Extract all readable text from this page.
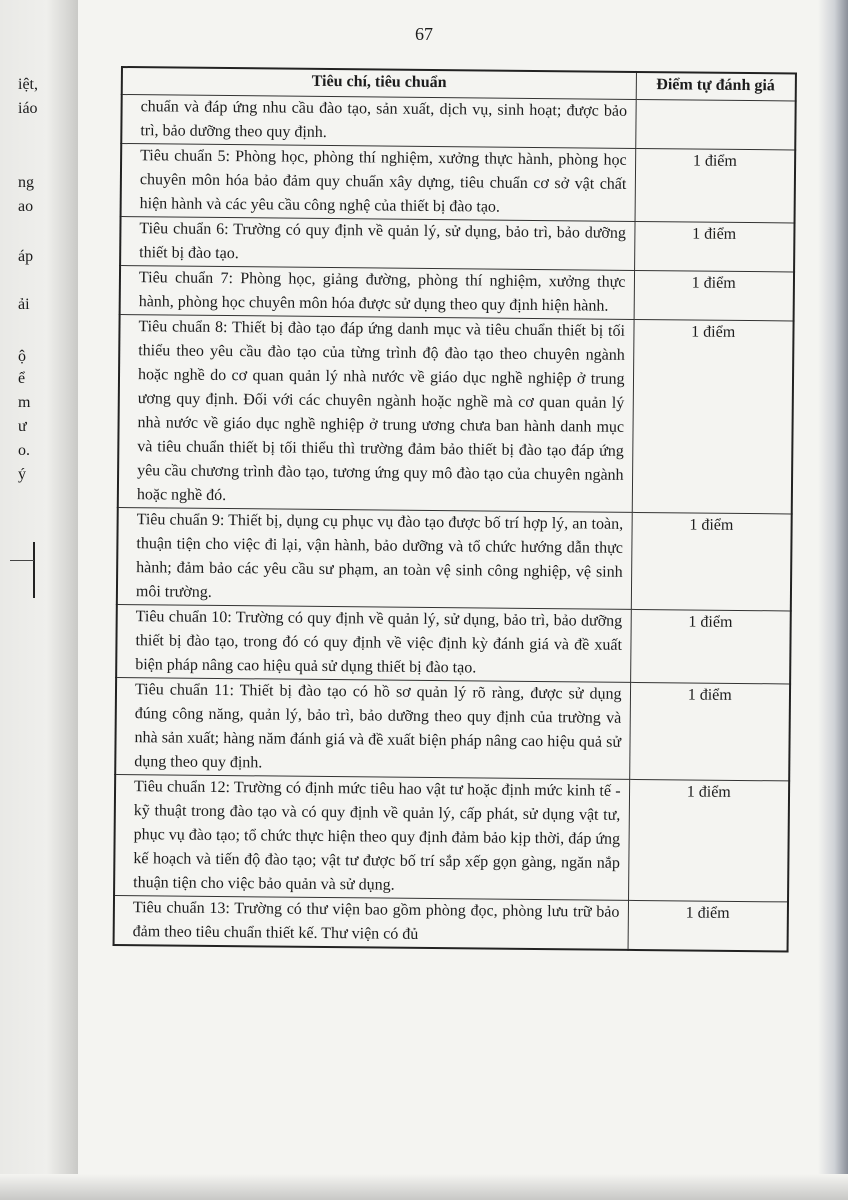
67
iệt,
iáo
ng
ao
áp
ải
ộ
ể
m
ư
o.
ý
Tiêu chí, tiêu chuẩn	Điểm tự đánh giá
chuẩn và đáp ứng nhu cầu đào tạo, sản xuất, dịch vụ, sinh hoạt; được bảo trì, bảo dưỡng theo quy định.	
Tiêu chuẩn 5: Phòng học, phòng thí nghiệm, xưởng thực hành, phòng học chuyên môn hóa bảo đảm quy chuẩn xây dựng, tiêu chuẩn cơ sở vật chất hiện hành và các yêu cầu công nghệ của thiết bị đào tạo.	1 điểm
Tiêu chuẩn 6: Trường có quy định về quản lý, sử dụng, bảo trì, bảo dưỡng thiết bị đào tạo.	1 điểm
Tiêu chuẩn 7: Phòng học, giảng đường, phòng thí nghiệm, xưởng thực hành, phòng học chuyên môn hóa được sử dụng theo quy định hiện hành.	1 điểm
Tiêu chuẩn 8: Thiết bị đào tạo đáp ứng danh mục và tiêu chuẩn thiết bị tối thiểu theo yêu cầu đào tạo của từng trình độ đào tạo theo chuyên ngành hoặc nghề do cơ quan quản lý nhà nước về giáo dục nghề nghiệp ở trung ương quy định. Đối với các chuyên ngành hoặc nghề mà cơ quan quản lý nhà nước về giáo dục nghề nghiệp ở trung ương chưa ban hành danh mục và tiêu chuẩn thiết bị tối thiểu thì trường đảm bảo thiết bị đào tạo đáp ứng yêu cầu chương trình đào tạo, tương ứng quy mô đào tạo của chuyên ngành hoặc nghề đó.	1 điểm
Tiêu chuẩn 9: Thiết bị, dụng cụ phục vụ đào tạo được bố trí hợp lý, an toàn, thuận tiện cho việc đi lại, vận hành, bảo dưỡng và tổ chức hướng dẫn thực hành; đảm bảo các yêu cầu sư phạm, an toàn vệ sinh công nghiệp, vệ sinh môi trường.	1 điểm
Tiêu chuẩn 10: Trường có quy định về quản lý, sử dụng, bảo trì, bảo dưỡng thiết bị đào tạo, trong đó có quy định về việc định kỳ đánh giá và đề xuất biện pháp nâng cao hiệu quả sử dụng thiết bị đào tạo.	1 điểm
Tiêu chuẩn 11: Thiết bị đào tạo có hồ sơ quản lý rõ ràng, được sử dụng đúng công năng, quản lý, bảo trì, bảo dưỡng theo quy định của trường và nhà sản xuất; hàng năm đánh giá và đề xuất biện pháp nâng cao hiệu quả sử dụng theo quy định.	1 điểm
Tiêu chuẩn 12: Trường có định mức tiêu hao vật tư hoặc định mức kinh tế - kỹ thuật trong đào tạo và có quy định về quản lý, cấp phát, sử dụng vật tư, phục vụ đào tạo; tổ chức thực hiện theo quy định đảm bảo kịp thời, đáp ứng kế hoạch và tiến độ đào tạo; vật tư được bố trí sắp xếp gọn gàng, ngăn nắp thuận tiện cho việc bảo quản và sử dụng.	1 điểm
Tiêu chuẩn 13: Trường có thư viện bao gồm phòng đọc, phòng lưu trữ bảo đảm theo tiêu chuẩn thiết kế. Thư viện có đủ	1 điểm
